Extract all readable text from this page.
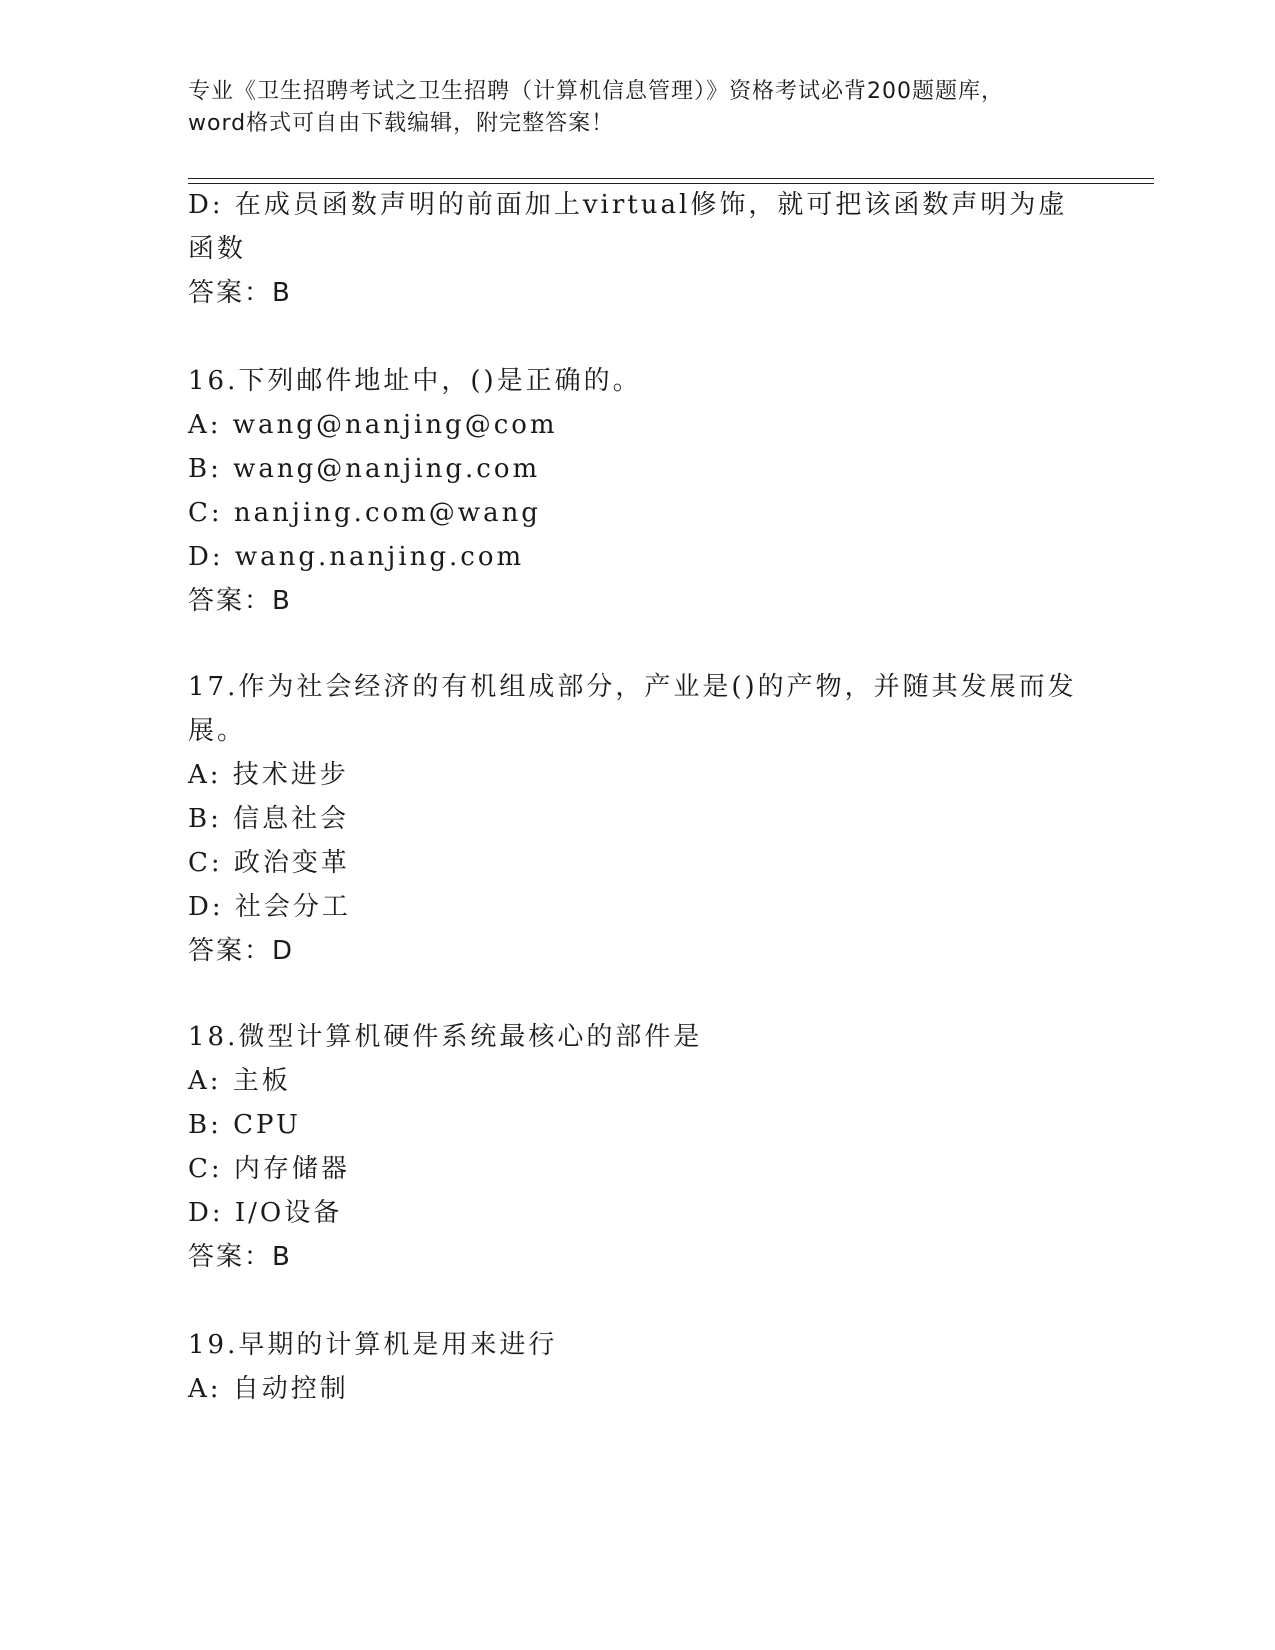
专业《卫生招聘考试之卫生招聘（计算机信息管理）》资格考试必背200题题库，
word格式可自由下载编辑，附完整答案！
D: 在成员函数声明的前面加上virtual修饰，就可把该函数声明为虚
函数
答案：B
16.下列邮件地址中，()是正确的。
A: wang@nanjing@com
B: wang@nanjing.com
C: nanjing.com@wang
D: wang.nanjing.com
答案：B
17.作为社会经济的有机组成部分，产业是()的产物，并随其发展而发
展。
A: 技术进步
B: 信息社会
C: 政治变革
D: 社会分工
答案：D
18.微型计算机硬件系统最核心的部件是
A: 主板
B: CPU
C: 内存储器
D: I/O设备
答案：B
19.早期的计算机是用来进行
A: 自动控制
